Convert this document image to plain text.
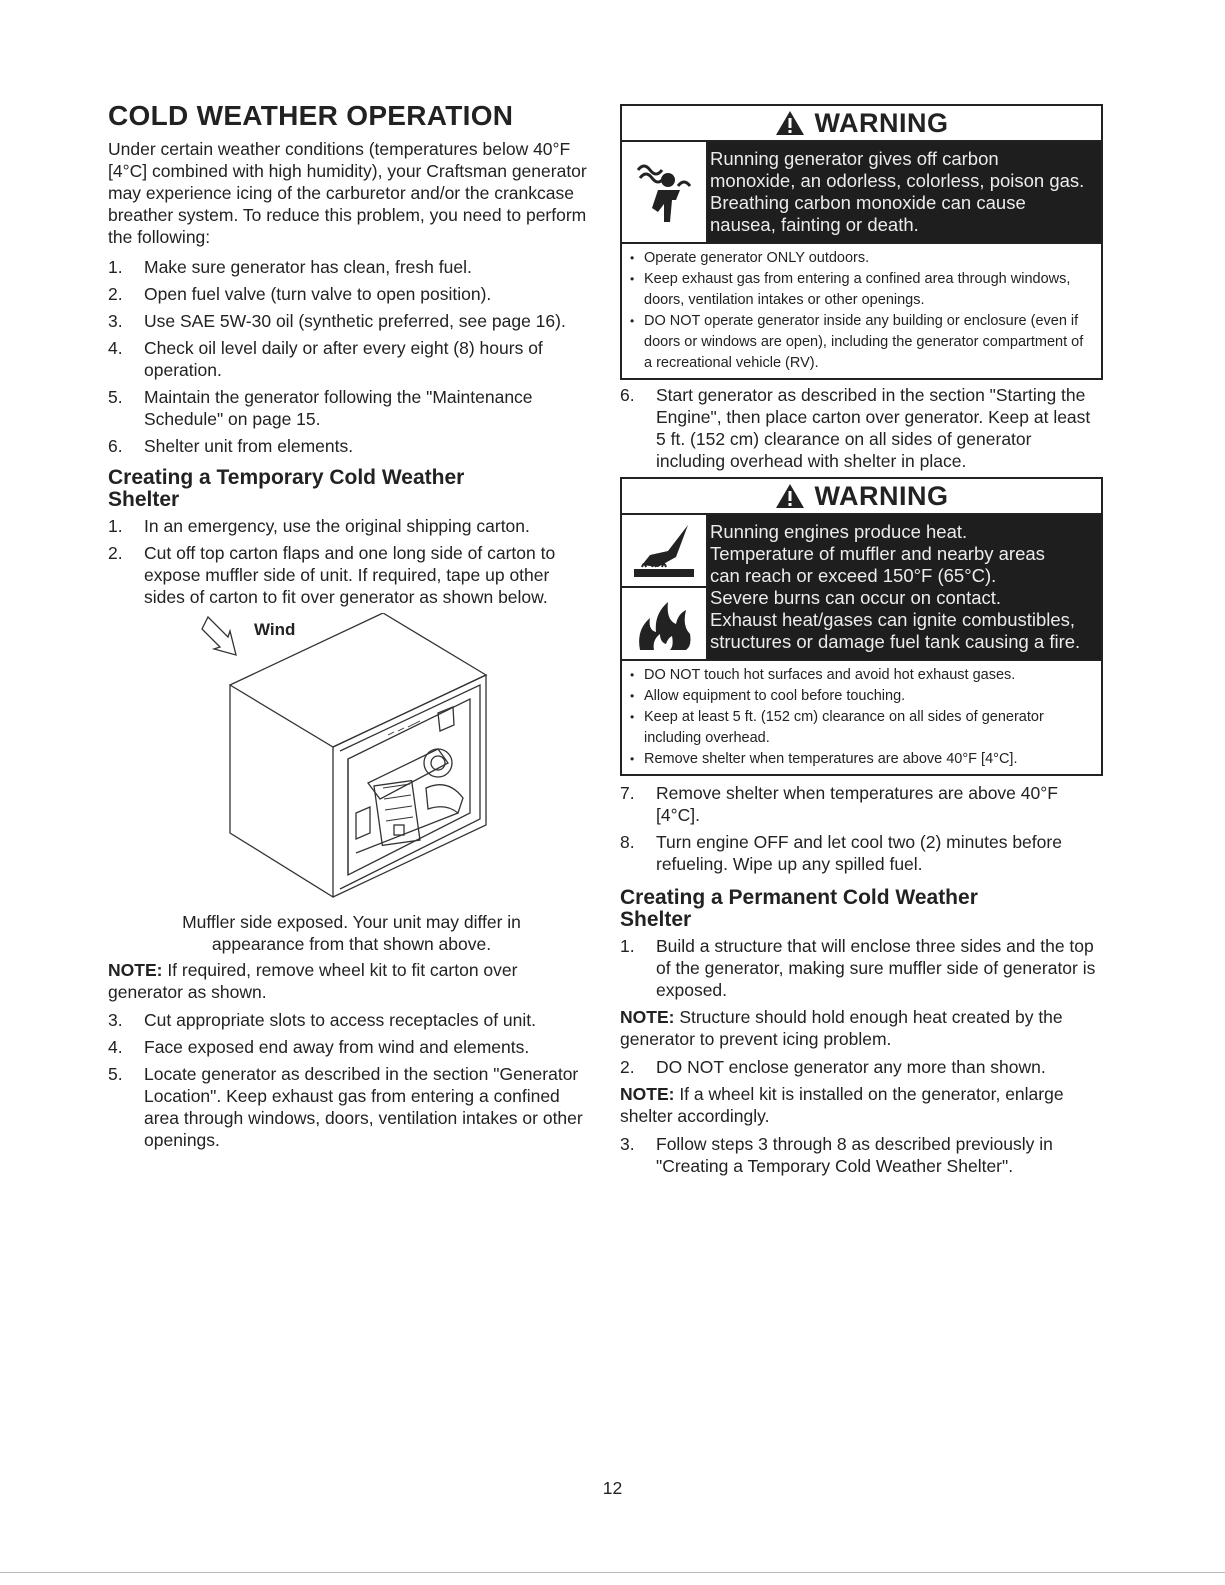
COLD WEATHER OPERATION

Under certain weather conditions (temperatures below 40°F [4°C] combined with high humidity), your Craftsman generator may experience icing of the carburetor and/or the crankcase breather system. To reduce this problem, you need to perform the following:

1. Make sure generator has clean, fresh fuel.
2. Open fuel valve (turn valve to open position).
3. Use SAE 5W-30 oil (synthetic preferred, see page 16).
4. Check oil level daily or after every eight (8) hours of operation.
5. Maintain the generator following the "Maintenance Schedule" on page 15.
6. Shelter unit from elements.
Creating a Temporary Cold Weather Shelter
1. In an emergency, use the original shipping carton.
2. Cut off top carton flaps and one long side of carton to expose muffler side of unit. If required, tape up other sides of carton to fit over generator as shown below.
Wind

Muffler side exposed. Your unit may differ in appearance from that shown above.

NOTE: If required, remove wheel kit to fit carton over generator as shown.

3. Cut appropriate slots to access receptacles of unit.
4. Face exposed end away from wind and elements.
5. Locate generator as described in the section "Generator Location". Keep exhaust gas from entering a confined area through windows, doors, ventilation intakes or other openings.
WARNING
Running generator gives off carbon
monoxide, an odorless, colorless, poison gas.
Breathing carbon monoxide can cause
nausea, fainting or death.
• Operate generator ONLY outdoors.
• Keep exhaust gas from entering a confined area through windows, doors, ventilation intakes or other openings.
• DO NOT operate generator inside any building or enclosure (even if doors or windows are open), including the generator compartment of a recreational vehicle (RV).
6. Start generator as described in the section "Starting the Engine", then place carton over generator. Keep at least 5 ft. (152 cm) clearance on all sides of generator including overhead with shelter in place.
WARNING
Running engines produce heat.
Temperature of muffler and nearby areas
can reach or exceed 150°F (65°C).
Severe burns can occur on contact.
Exhaust heat/gases can ignite combustibles,
structures or damage fuel tank causing a fire.
• DO NOT touch hot surfaces and avoid hot exhaust gases.
• Allow equipment to cool before touching.
• Keep at least 5 ft. (152 cm) clearance on all sides of generator including overhead.
• Remove shelter when temperatures are above 40°F [4°C].
7. Remove shelter when temperatures are above 40°F [4°C].
8. Turn engine OFF and let cool two (2) minutes before refueling. Wipe up any spilled fuel.
Creating a Permanent Cold Weather Shelter
1. Build a structure that will enclose three sides and the top of the generator, making sure muffler side of generator is exposed.

NOTE: Structure should hold enough heat created by the generator to prevent icing problem.

2. DO NOT enclose generator any more than shown.

NOTE: If a wheel kit is installed on the generator, enlarge shelter accordingly.

3. Follow steps 3 through 8 as described previously in "Creating a Temporary Cold Weather Shelter".
12
